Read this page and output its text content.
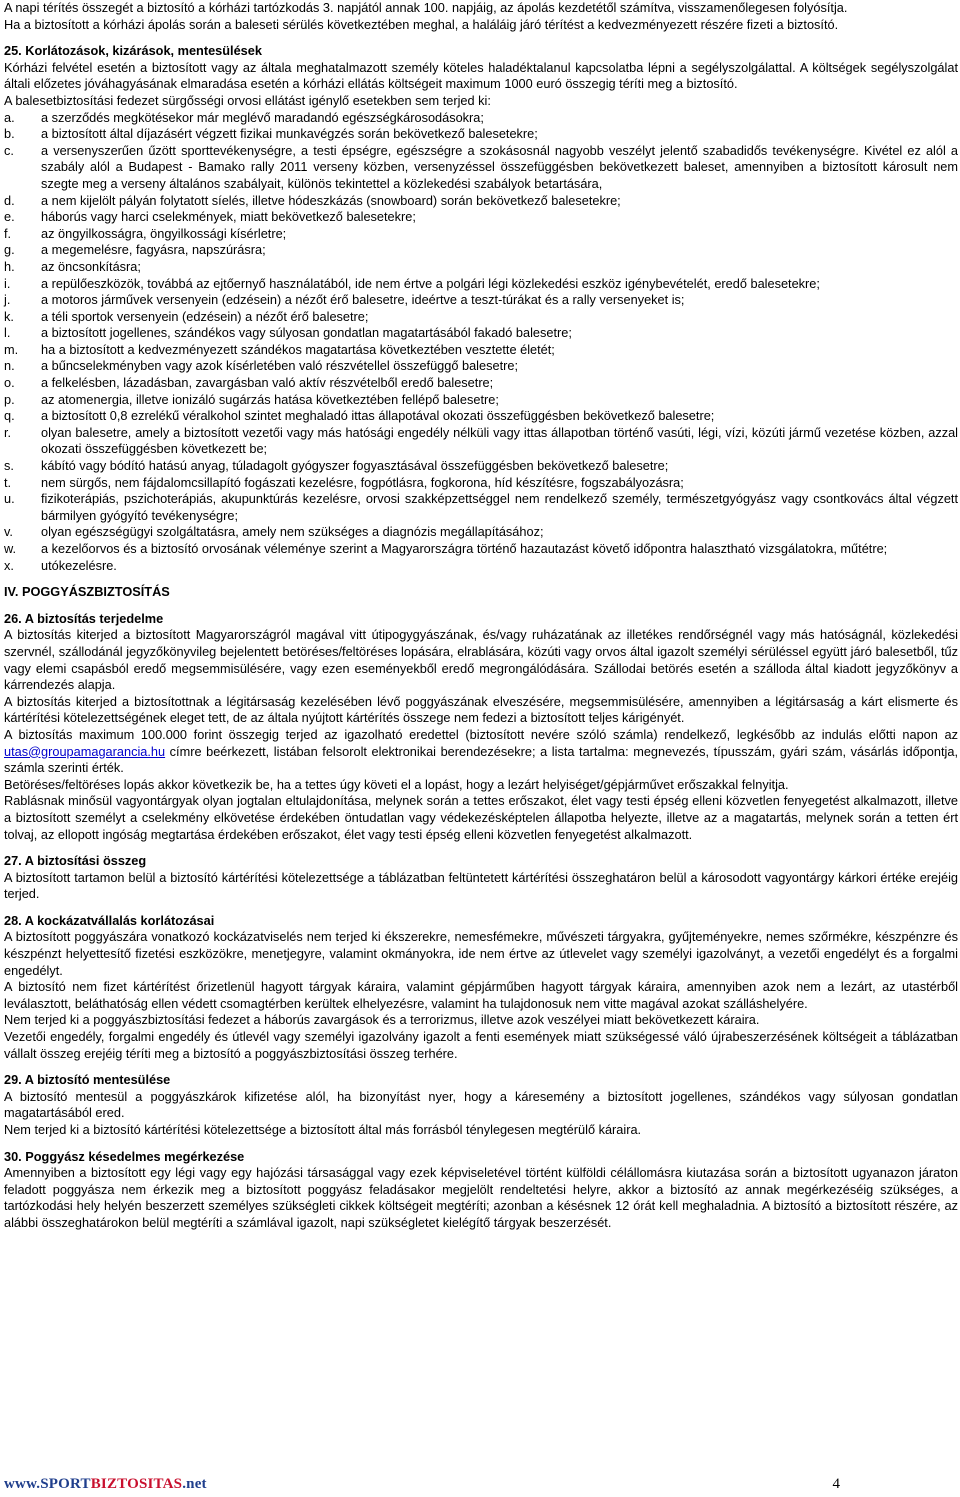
A napi térítés összegét a biztosító a kórházi tartózkodás 3. napjától annak 100. napjáig, az ápolás kezdetétől számítva, visszamenőlegesen folyósítja.

Ha a biztosított a kórházi ápolás során a baleseti sérülés következtében meghal, a haláláig járó térítést a kedvezményezett részére fizeti a biztosító.

25. Korlátozások, kizárások, mentesülések

Kórházi felvétel esetén a biztosított vagy az általa meghatalmazott személy köteles haladéktalanul kapcsolatba lépni a segélyszolgálattal. A költségek segélyszolgálat általi előzetes jóváhagyásának elmaradása esetén a kórházi ellátás költségeit maximum 1000 euró összegig téríti meg a biztosító.

A balesetbiztosítási fedezet sürgősségi orvosi ellátást igénylő esetekben sem terjed ki:

a.	a szerződés megkötésekor már meglévő maradandó egészségkárosodásokra;
b.	a biztosított által díjazásért végzett fizikai munkavégzés során bekövetkező balesetekre;
c.	a versenyszerűen űzött sporttevékenységre, a testi épségre, egészségre a szokásosnál nagyobb veszélyt jelentő szabadidős tevékenységre. Kivétel ez alól a szabály alól a Budapest - Bamako rally 2011 verseny közben, versenyzéssel összefüggésben bekövetkezett baleset, amennyiben a biztosított károsult nem szegte meg a verseny általános szabályait, különös tekintettel a közlekedési szabályok betartására,
d.	a nem kijelölt pályán folytatott síelés, illetve hódeszkázás (snowboard) során bekövetkező balesetekre;
e.	háborús vagy harci cselekmények, miatt bekövetkező balesetekre;
f.	az öngyilkosságra, öngyilkossági kísérletre;
g.	a megemelésre, fagyásra, napszúrásra;
h.	az öncsonkításra;
i.	a repülőeszközök, továbbá az ejtőernyő használatából, ide nem értve a polgári légi közlekedési eszköz igénybevételét, eredő balesetekre;
j.	a motoros járművek versenyein (edzésein) a nézőt érő balesetre, ideértve a teszt-túrákat és a rally versenyeket is;
k.	a téli sportok versenyein (edzésein) a nézőt érő balesetre;
l.	a biztosított jogellenes, szándékos vagy súlyosan gondatlan magatartásából fakadó balesetre;
m.	ha a biztosított a kedvezményezett szándékos magatartása következtében vesztette életét;
n.	a bűncselekményben vagy azok kísérletében való részvétellel összefüggő balesetre;
o.	a felkelésben, lázadásban, zavargásban való aktív részvételből eredő balesetre;
p.	az atomenergia, illetve ionizáló sugárzás hatása következtében fellépő balesetre;
q.	a biztosított 0,8 ezrelékű véralkohol szintet meghaladó ittas állapotával okozati összefüggésben bekövetkező balesetre;
r.	olyan balesetre, amely a biztosított vezetői vagy más hatósági engedély nélküli vagy ittas állapotban történő vasúti, légi, vízi, közúti jármű vezetése közben, azzal okozati összefüggésben következett be;
s.	kábító vagy bódító hatású anyag, túladagolt gyógyszer fogyasztásával összefüggésben bekövetkező balesetre;
t.	nem sürgős, nem fájdalomcsillapító fogászati kezelésre, fogpótlásra, fogkorona, híd készítésre, fogszabályozásra;
u.	fizikoterápiás, pszichoterápiás, akupunktúrás kezelésre, orvosi szakképzettséggel nem rendelkező személy, természetgyógyász vagy csontkovács által végzett bármilyen gyógyító tevékenységre;
v.	olyan egészségügyi szolgáltatásra, amely nem szükséges a diagnózis megállapításához;
w.	a kezelőorvos és a biztosító orvosának véleménye szerint a Magyarországra történő hazautazást követő időpontra halasztható vizsgálatokra, műtétre;
x.	utókezelésre.

IV. POGGYÁSZBIZTOSÍTÁS

26. A biztosítás terjedelme

A biztosítás kiterjed a biztosított Magyarországról magával vitt útipogygyászának, és/vagy ruházatának az illetékes rendőrségnél vagy más hatóságnál, közlekedési szervnél, szállodánál jegyzőkönyvileg bejelentett betöréses/feltöréses lopására, elrablására, közúti vagy orvos által igazolt személyi sérüléssel együtt járó balesetből, tűz vagy elemi csapásból eredő megsemmisülésére, vagy ezen eseményekből eredő megrongálódására. Szállodai betörés esetén a szálloda által kiadott jegyzőkönyv a kárrendezés alapja.

A biztosítás kiterjed a biztosítottnak a légitársaság kezelésében lévő poggyászának elveszésére, megsemmisülésére, amennyiben a légitársaság a kárt elismerte és kártérítési kötelezettségének eleget tett, de az általa nyújtott kártérítés összege nem fedezi a biztosított teljes kárigényét.

A biztosítás maximum 100.000 forint összegig terjed az igazolható eredettel (biztosított nevére szóló számla) rendelkező, legkésőbb az indulás előtti napon az utas@groupamagarancia.hu címre beérkezett, listában felsorolt elektronikai berendezésekre; a lista tartalma: megnevezés, típusszám, gyári szám, vásárlás időpontja, számla szerinti érték.

Betöréses/feltöréses lopás akkor következik be, ha a tettes úgy követi el a lopást, hogy a lezárt helyiséget/gépjárművet erőszakkal felnyitja.

Rablásnak minősül vagyontárgyak olyan jogtalan eltulajdonítása, melynek során a tettes erőszakot, élet vagy testi épség elleni közvetlen fenyegetést alkalmazott, illetve a biztosított személyt a cselekmény elkövetése érdekében öntudatlan vagy védekezésképtelen állapotba helyezte, illetve az a magatartás, melynek során a tetten ért tolvaj, az ellopott ingóság megtartása érdekében erőszakot, élet vagy testi épség elleni közvetlen fenyegetést alkalmazott.

27. A biztosítási összeg

A biztosított tartamon belül a biztosító kártérítési kötelezettsége a táblázatban feltüntetett kártérítési összeghatáron belül a károsodott vagyontárgy kárkori értéke erejéig terjed.

28. A kockázatvállalás korlátozásai

A biztosított poggyászára vonatkozó kockázatviselés nem terjed ki ékszerekre, nemesfémekre, művészeti tárgyakra, gyűjteményekre, nemes szőrmékre, készpénzre és készpénzt helyettesítő fizetési eszközökre, menetjegyre, valamint okmányokra, ide nem értve az útlevelet vagy személyi igazolványt, a vezetői engedélyt és a forgalmi engedélyt.

A biztosító nem fizet kártérítést őrizetlenül hagyott tárgyak káraira, valamint gépjárműben hagyott tárgyak káraira, amennyiben azok nem a lezárt, az utastérből leválasztott, beláthatóság ellen védett csomagtérben kerültek elhelyezésre, valamint ha tulajdonosuk nem vitte magával azokat szálláshelyére.

Nem terjed ki a poggyászbiztosítási fedezet a háborús zavargások és a terrorizmus, illetve azok veszélyei miatt bekövetkezett káraira.

Vezetői engedély, forgalmi engedély és útlevél vagy személyi igazolvány igazolt a fenti események miatt szükségessé váló újrabeszerzésének költségeit a táblázatban vállalt összeg erejéig téríti meg a biztosító a poggyászbiztosítási összeg terhére.

29. A biztosító mentesülése

A biztosító mentesül a poggyászkárok kifizetése alól, ha bizonyítást nyer, hogy a káresemény a biztosított jogellenes, szándékos vagy súlyosan gondatlan magatartásából ered.

Nem terjed ki a biztosító kártérítési kötelezettsége a biztosított által más forrásból ténylegesen megtérülő káraira.

30. Poggyász késedelmes megérkezése

Amennyiben a biztosított egy légi vagy egy hajózási társasággal vagy ezek képviseletével történt külföldi célállomásra kiutazása során a biztosított ugyanazon járaton feladott poggyásza nem érkezik meg a biztosított poggyász feladásakor megjelölt rendeltetési helyre, akkor a biztosító az annak megérkezéséig szükséges, a tartózkodási hely helyén beszerzett személyes szükségleti cikkek költségeit megtéríti; azonban a késésnek 12 órát kell meghaladnia. A biztosító a biztosított részére, az alábbi összeghatárokon belül megtéríti a számlával igazolt, napi szükségletet kielégítő tárgyak beszerzését.

www.SPORTBIZTOSITAS.net	4
